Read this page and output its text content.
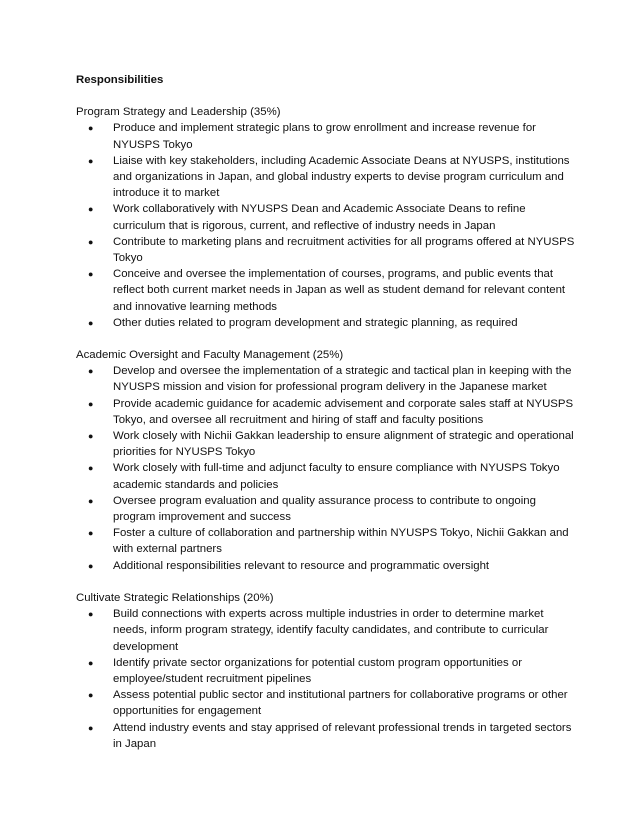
Responsibilities

Program Strategy and Leadership (35%)

● Produce and implement strategic plans to grow enrollment and increase revenue for NYUSPS Tokyo
● Liaise with key stakeholders, including Academic Associate Deans at NYUSPS, institutions and organizations in Japan, and global industry experts to devise program curriculum and introduce it to market
● Work collaboratively with NYUSPS Dean and Academic Associate Deans to refine curriculum that is rigorous, current, and reflective of industry needs in Japan
● Contribute to marketing plans and recruitment activities for all programs offered at NYUSPS Tokyo
● Conceive and oversee the implementation of courses, programs, and public events that reflect both current market needs in Japan as well as student demand for relevant content and innovative learning methods
● Other duties related to program development and strategic planning, as required

Academic Oversight and Faculty Management (25%)

● Develop and oversee the implementation of a strategic and tactical plan in keeping with the NYUSPS mission and vision for professional program delivery in the Japanese market
● Provide academic guidance for academic advisement and corporate sales staff at NYUSPS Tokyo, and oversee all recruitment and hiring of staff and faculty positions
● Work closely with Nichii Gakkan leadership to ensure alignment of strategic and operational priorities for NYUSPS Tokyo
● Work closely with full-time and adjunct faculty to ensure compliance with NYUSPS Tokyo academic standards and policies
● Oversee program evaluation and quality assurance process to contribute to ongoing program improvement and success
● Foster a culture of collaboration and partnership within NYUSPS Tokyo, Nichii Gakkan and with external partners
● Additional responsibilities relevant to resource and programmatic oversight

Cultivate Strategic Relationships (20%)

● Build connections with experts across multiple industries in order to determine market needs, inform program strategy, identify faculty candidates, and contribute to curricular development
● Identify private sector organizations for potential custom program opportunities or employee/student recruitment pipelines
● Assess potential public sector and institutional partners for collaborative programs or other opportunities for engagement
● Attend industry events and stay apprised of relevant professional trends in targeted sectors in Japan
